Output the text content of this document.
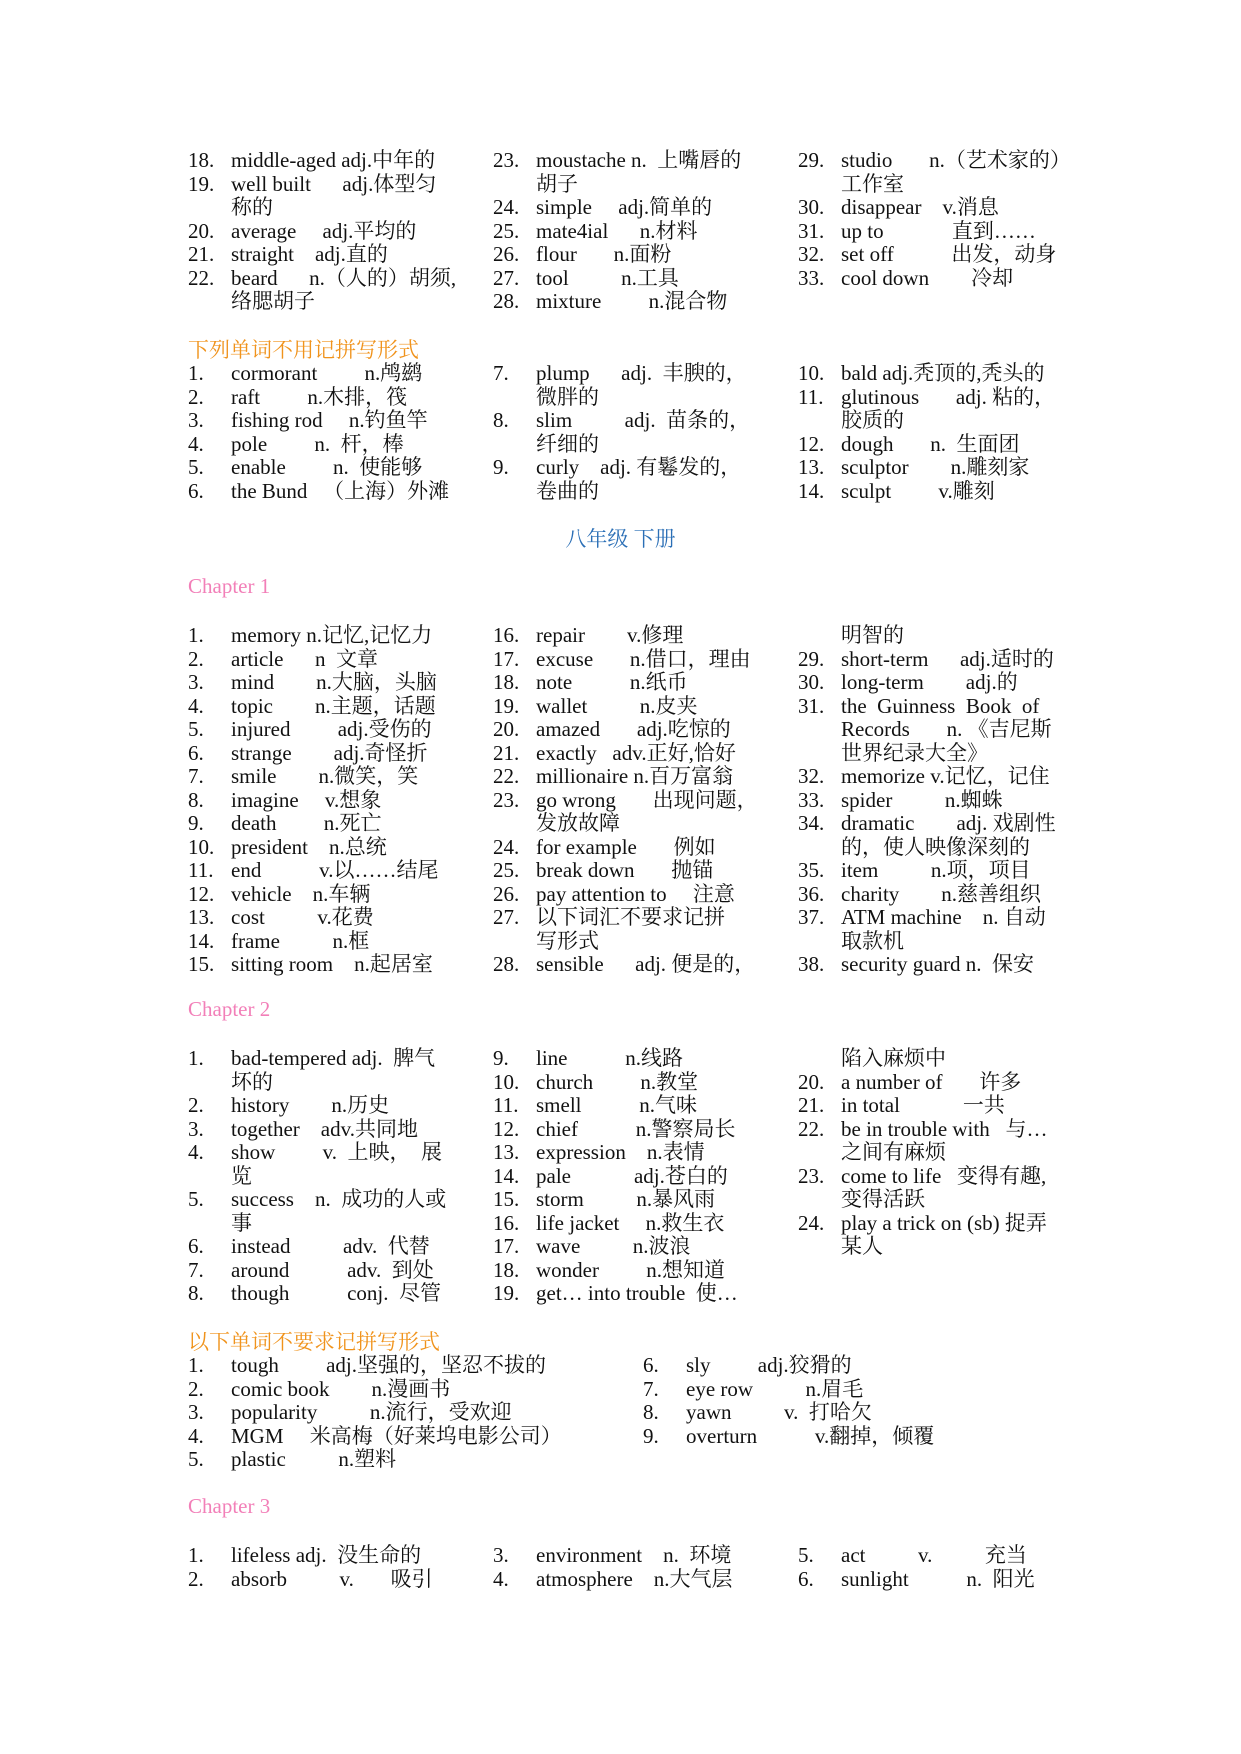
18. middle-aged adj.中年的
19. well built      adj.体型匀
称的
20. average     adj.平均的
21. straight    adj.直的
22. beard      n.（人的）胡须,
络腮胡子
23. moustache n.  上嘴唇的
胡子
24. simple     adj.简单的
25. mate4ial      n.材料
26. flour       n.面粉
27. tool          n.工具
28. mixture         n.混合物
29. studio       n.（艺术家的）
工作室
30. disappear    v.消息
31. up to             直到……
32. set off           出发，动身
33. cool down        冷却
下列单词不用记拼写形式
1.	cormorant         n.鸬鹚
2.	raft         n.木排，筏
3.	fishing rod     n.钓鱼竿
4.	pole         n.  杆，棒
5.	enable         n.  使能够
6.	the Bund   （上海）外滩
7.	plump      adj.  丰腴的，
微胖的
8.	slim          adj.  苗条的，
纤细的
9.	curly    adj. 有鬈发的，
卷曲的
10. bald adj.秃顶的,秃头的
11. glutinous       adj. 粘的，
胶质的
12. dough       n.  生面团
13. sculptor        n.雕刻家
14. sculpt         v.雕刻
八年级 下册
Chapter 1
1.	memory n.记忆,记忆力
2.	article      n  文章
3.	mind        n.大脑，头脑
4.	topic        n.主题，话题
5.	injured         adj.受伤的
6.	strange        adj.奇怪折
7.	smile        n.微笑，笑
8.	imagine     v.想象
9.	death         n.死亡
10. president    n.总统
11. end           v.以……结尾
12. vehicle    n.车辆
13. cost          v.花费
14. frame          n.框
15. sitting room    n.起居室
16. repair        v.修理
17. excuse       n.借口，理由
18. note           n.纸币
19. wallet          n.皮夹
20. amazed       adj.吃惊的
21. exactly   adv.正好,恰好
22. millionaire n.百万富翁
23. go wrong       出现问题，
发放故障
24. for example       例如
25. break down       抛锚
26. pay attention to     注意
27. 以下词汇不要求记拼
写形式
28. sensible      adj. 便是的，
明智的
29. short-term      adj.适时的
30. long-term        adj.的
31. the  Guinness  Book  of
Records       n. 《吉尼斯
世界纪录大全》
32. memorize v.记忆，记住
33. spider          n.蜘蛛
34. dramatic        adj. 戏剧性
的，使人映像深刻的
35. item          n.项，项目
36. charity        n.慈善组织
37. ATM machine    n. 自动
取款机
38. security guard n.  保安
Chapter 2
1.	bad-tempered adj.  脾气
坏的
2.	history        n.历史
3.	together    adv.共同地
4.	show         v.  上映，  展
览
5.	success    n.  成功的人或
事
6.	instead          adv.  代替
7.	around           adv.  到处
8.	though           conj.  尽管
9.	line           n.线路
10. church         n.教堂
11. smell           n.气味
12. chief           n.警察局长
13. expression    n.表情
14. pale            adj.苍白的
15. storm          n.暴风雨
16. life jacket     n.救生衣
17. wave          n.波浪
18. wonder         n.想知道
19. get… into trouble  使…
陷入麻烦中
20. a number of       许多
21. in total            一共
22. be in trouble with   与…
之间有麻烦
23. come to life   变得有趣,
变得活跃
24. play a trick on (sb) 捉弄
某人
以下单词不要求记拼写形式
1.	tough         adj.坚强的，坚忍不拔的
2.	comic book        n.漫画书
3.	popularity          n.流行，受欢迎
4.	MGM     米高梅（好莱坞电影公司）
5.	plastic          n.塑料
6.	sly         adj.狡猾的
7.	eye row          n.眉毛
8.	yawn          v.  打哈欠
9.	overturn           v.翻掉，倾覆
Chapter 3
1.	lifeless adj.  没生命的
2.	absorb          v.       吸引
3.	environment    n.  环境
4.	atmosphere    n.大气层
5.	act          v.          充当
6.	sunlight           n.  阳光
